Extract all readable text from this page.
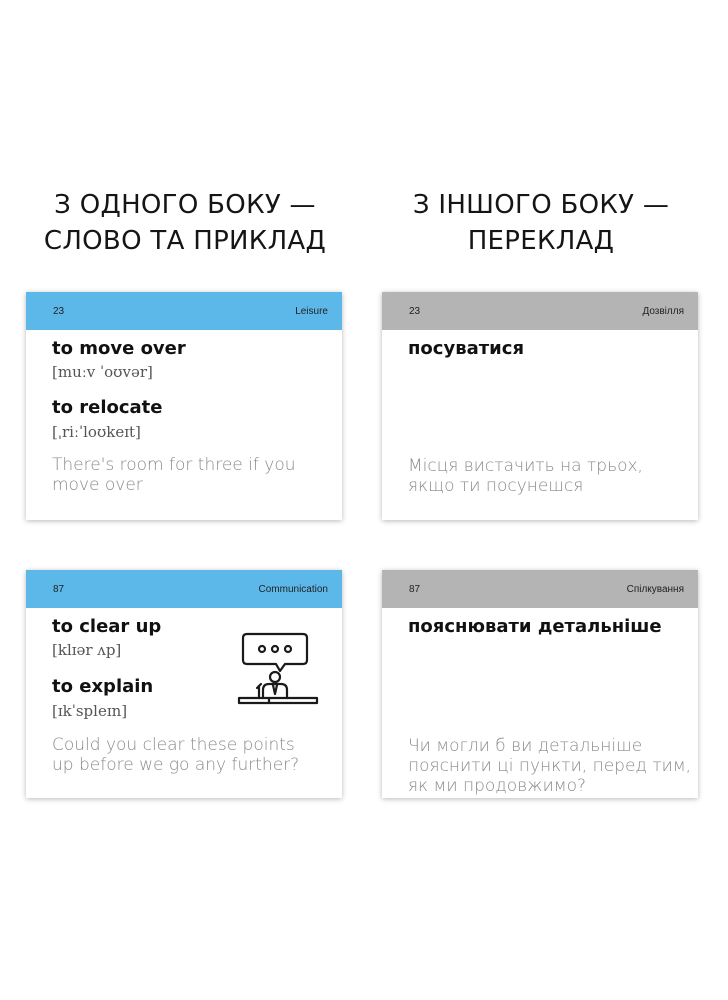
З ОДНОГО БОКУ —
СЛОВО ТА ПРИКЛАД
З ІНШОГО БОКУ —
ПЕРЕКЛАД
23	Leisure
to move over
[muːv ˈoʊvər]
to relocate
[ˌriːˈloʊkeɪt]
There's room for three if you
move over
23	Дозвілля
посуватися
Місця вистачить на трьох,
якщо ти посунешся
87	Communication
to clear up
[klɪər ʌp]
to explain
[ɪkˈspleɪn]
Could you clear these points
up before we go any further?
87	Спілкування
пояснювати детальніше
Чи могли б ви детальніше
пояснити ці пункти, перед тим,
як ми продовжимо?
